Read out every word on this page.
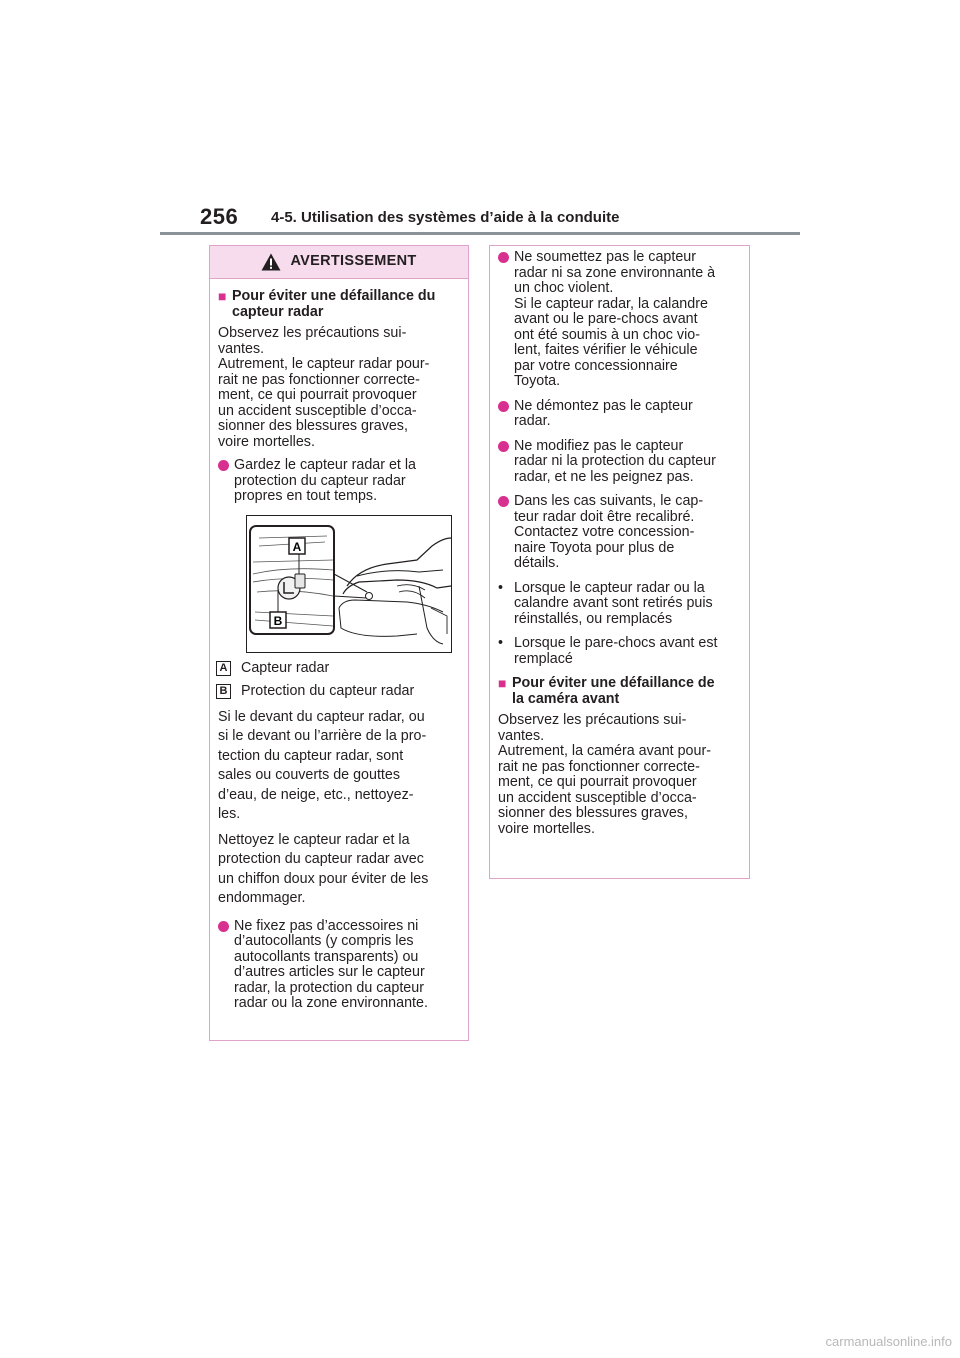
256 4-5. Utilisation des systèmes d’aide à la conduite
AVERTISSEMENT
■ Pour éviter une défaillance du
capteur radar

Observez les précautions sui-
vantes.
Autrement, le capteur radar pour-
rait ne pas fonctionner correcte-
ment, ce qui pourrait provoquer
un accident susceptible d’occa-
sionner des blessures graves,
voire mortelles.

Gardez le capteur radar et la
protection du capteur radar
propres en tout temps.
A
B
A Capteur radar
B Protection du capteur radar

Si le devant du capteur radar, ou
si le devant ou l’arrière de la pro-
tection du capteur radar, sont
sales ou couverts de gouttes
d’eau, de neige, etc., nettoyez-
les.

Nettoyez le capteur radar et la
protection du capteur radar avec
un chiffon doux pour éviter de les
endommager.

Ne fixez pas d’accessoires ni
d’autocollants (y compris les
autocollants transparents) ou
d’autres articles sur le capteur
radar, la protection du capteur
radar ou la zone environnante.
Ne soumettez pas le capteur
radar ni sa zone environnante à
un choc violent.
Si le capteur radar, la calandre
avant ou le pare-chocs avant
ont été soumis à un choc vio-
lent, faites vérifier le véhicule
par votre concessionnaire
Toyota.
Ne démontez pas le capteur
radar.
Ne modifiez pas le capteur
radar ni la protection du capteur
radar, et ne les peignez pas.
Dans les cas suivants, le cap-
teur radar doit être recalibré.
Contactez votre concession-
naire Toyota pour plus de
détails.
• Lorsque le capteur radar ou la
calandre avant sont retirés puis
réinstallés, ou remplacés
• Lorsque le pare-chocs avant est
remplacé
■ Pour éviter une défaillance de
la caméra avant

Observez les précautions sui-
vantes.
Autrement, la caméra avant pour-
rait ne pas fonctionner correcte-
ment, ce qui pourrait provoquer
un accident susceptible d’occa-
sionner des blessures graves,
voire mortelles.

carmanualsonline.info
